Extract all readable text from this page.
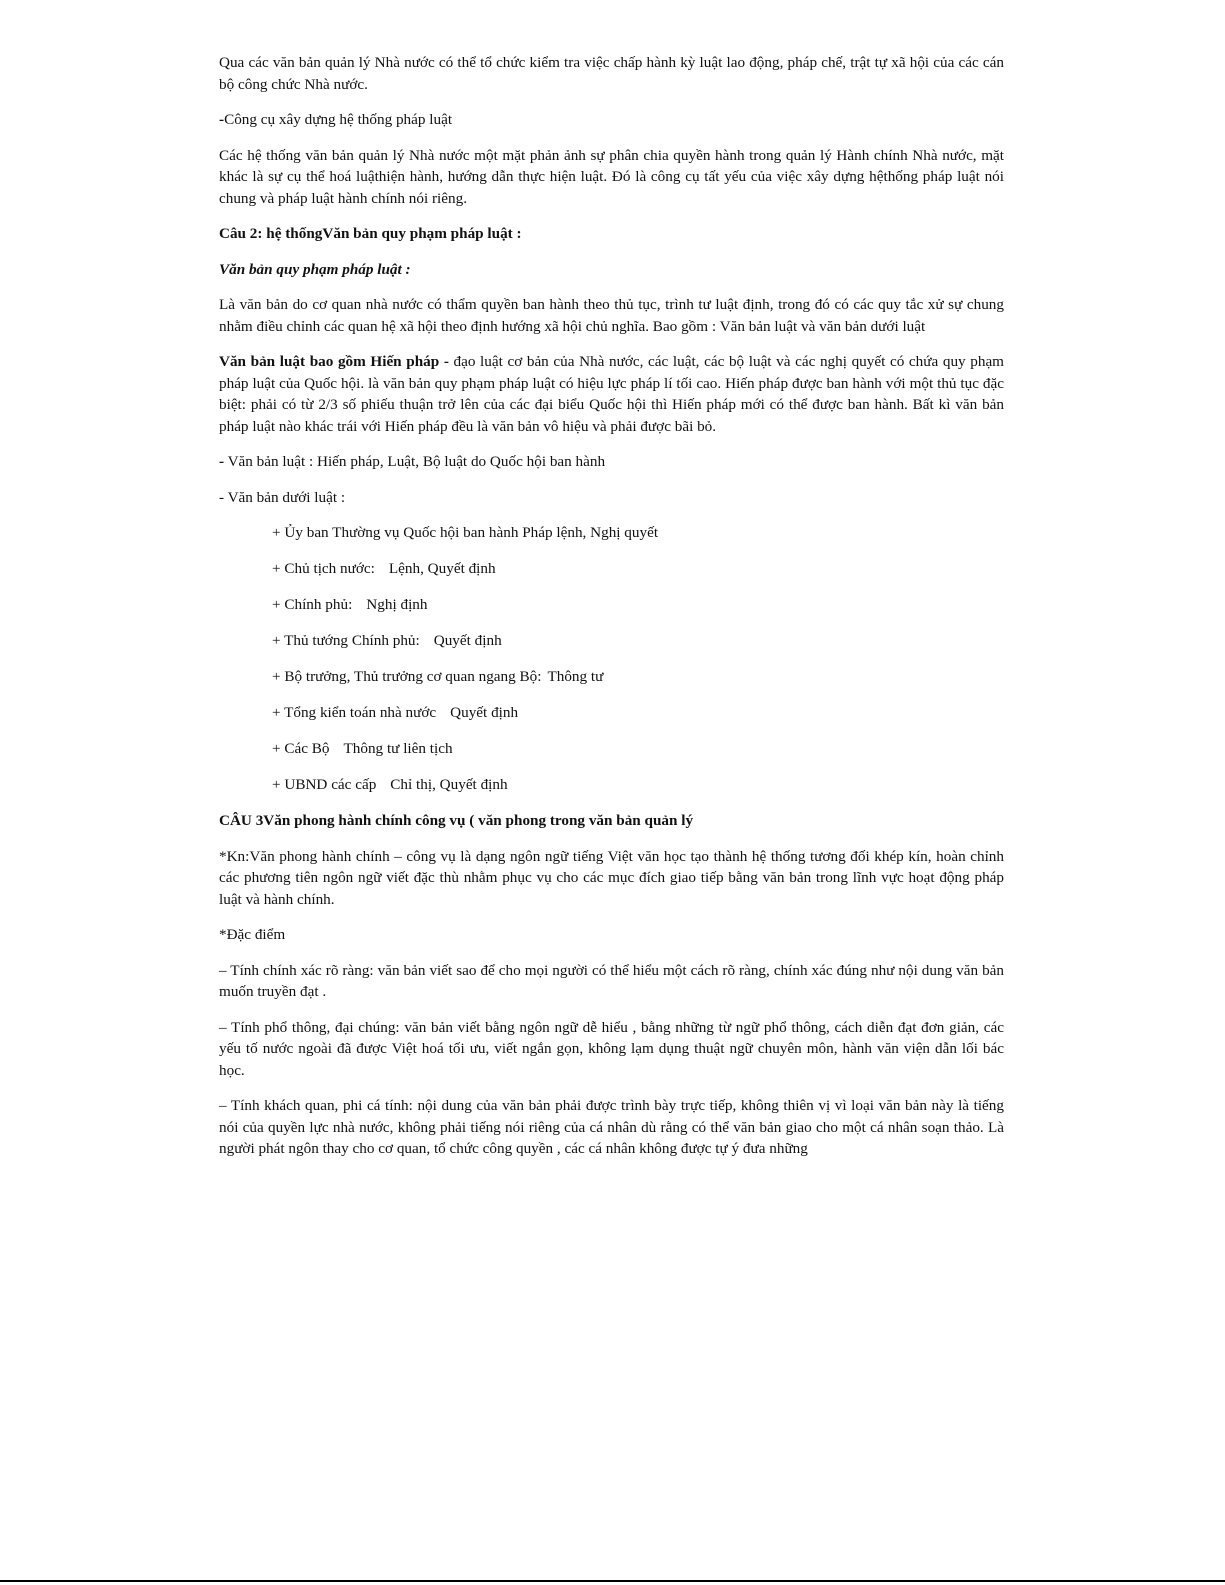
Qua các văn bản quản lý Nhà nước có thể tổ chức kiểm tra việc chấp hành kỳ luật lao động, pháp chế, trật tự xã hội của các cán bộ công chức Nhà nước.

-Công cụ xây dựng hệ thống pháp luật

Các hệ thống văn bản quản lý Nhà nước một mặt phản ảnh sự phân chia quyền hành trong quản lý Hành chính Nhà nước, mặt khác là sự cụ thể hoá luậthiện hành, hướng dẫn thực hiện luật. Đó là công cụ tất yếu của việc xây dựng hệthống pháp luật nói chung và pháp luật hành chính nói riêng.

Câu 2: hệ thốngVăn bản quy phạm pháp luật :

Văn bản quy phạm pháp luật :

Là văn bản do cơ quan nhà nước có thẩm quyền ban hành theo thủ tục, trình tư luật định, trong đó có các quy tắc xử sự chung nhằm điều chỉnh các quan hệ xã hội theo định hướng xã hội chủ nghĩa. Bao gồm : Văn bản luật và văn bản dưới luật

Văn bản luật bao gồm Hiến pháp - đạo luật cơ bản của Nhà nước, các luật, các bộ luật và các nghị quyết có chứa quy phạm pháp luật của Quốc hội. là văn bản quy phạm pháp luật có hiệu lực pháp lí tối cao. Hiến pháp được ban hành với một thủ tục đặc biệt: phải có từ 2/3 số phiếu thuận trở lên của các đại biểu Quốc hội thì Hiến pháp mới có thể được ban hành. Bất kì văn bản pháp luật nào khác trái với Hiến pháp đều là văn bản vô hiệu và phải được bãi bỏ.

- Văn bản luật : Hiến pháp, Luật, Bộ luật do Quốc hội ban hành

- Văn bản dưới luật :

+ Ủy ban Thường vụ Quốc hội ban hành Pháp lệnh, Nghị quyết

+ Chủ tịch nước: Lệnh, Quyết định

+ Chính phủ: Nghị định

+ Thủ tướng Chính phủ: Quyết định

+ Bộ trưởng, Thủ trưởng cơ quan ngang Bộ: Thông tư

+ Tổng kiển toán nhà nước Quyết định

+ Các Bộ Thông tư liên tịch

+ UBND các cấp Chỉ thị, Quyết định

CÂU 3Văn phong hành chính công vụ ( văn phong trong văn bản quản lý

*Kn:Văn phong hành chính – công vụ là dạng ngôn ngữ tiếng Việt văn học tạo thành hệ thống tương đối khép kín, hoàn chỉnh các phương tiên ngôn ngữ viết đặc thù nhằm phục vụ cho các mục đích giao tiếp bằng văn bản trong lĩnh vực hoạt động pháp luật và hành chính.

*Đặc điểm

– Tính chính xác rõ ràng: văn bản viết sao để cho mọi người có thể hiểu một cách rõ ràng, chính xác đúng như nội dung văn bản muốn truyền đạt .

– Tính phổ thông, đại chúng: văn bản viết bằng ngôn ngữ dễ hiểu , bằng những từ ngữ phổ thông, cách diễn đạt đơn giản, các yếu tố nước ngoài đã được Việt hoá tối ưu, viết ngắn gọn, không lạm dụng thuật ngữ chuyên môn, hành văn viện dẫn lối bác học.

– Tính khách quan, phi cá tính: nội dung của văn bản phải được trình bày trực tiếp, không thiên vị vì loại văn bản này là tiếng nói của quyền lực nhà nước, không phải tiếng nói riêng của cá nhân dù rằng có thể văn bản giao cho một cá nhân soạn thảo. Là người phát ngôn thay cho cơ quan, tổ chức công quyền , các cá nhân không được tự ý đưa những
